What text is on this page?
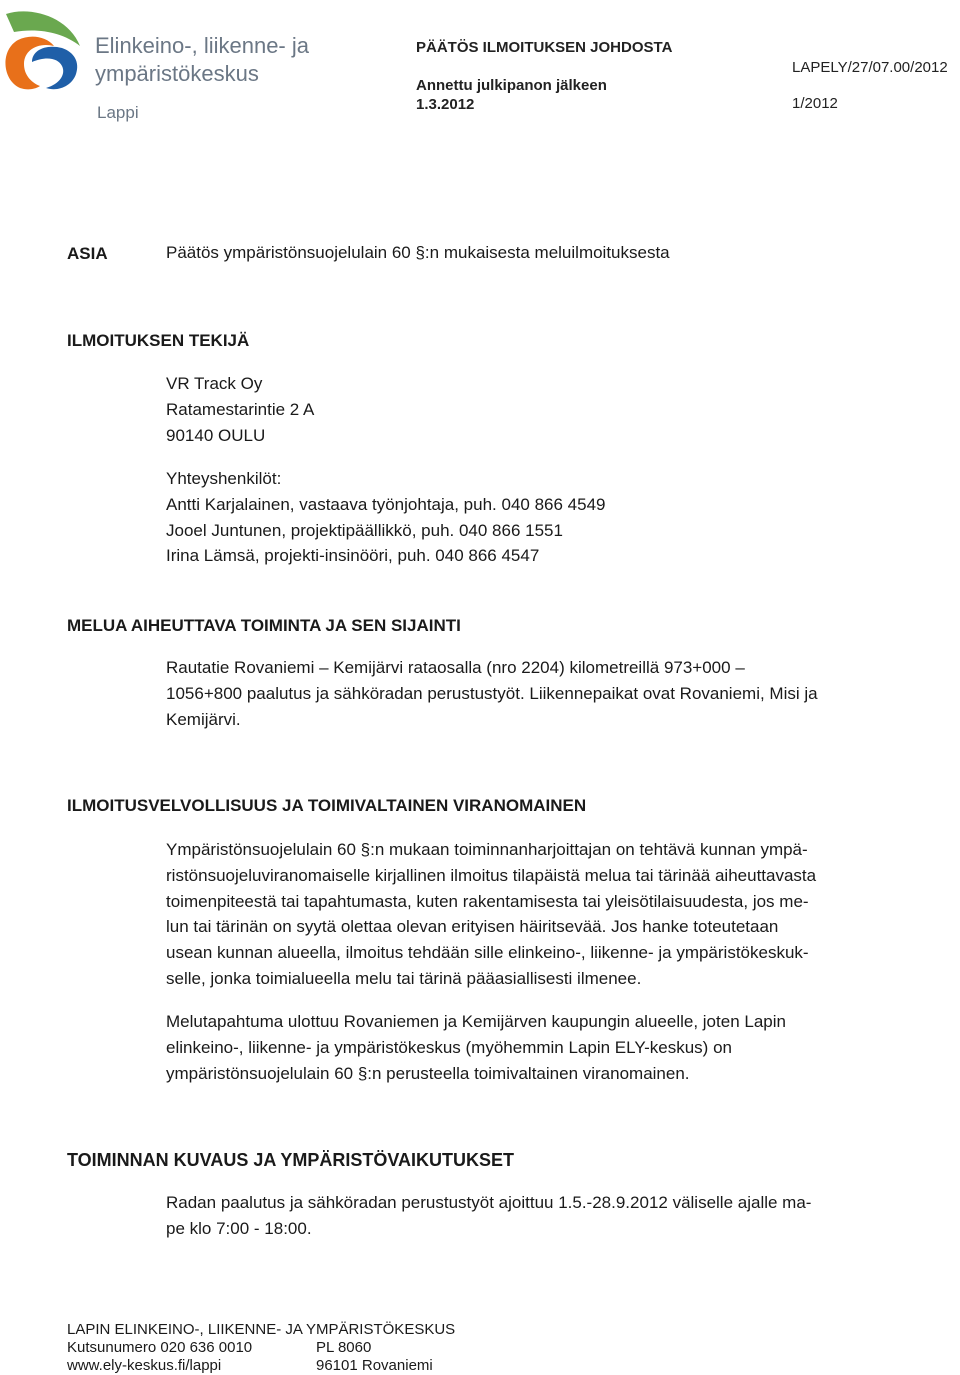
Elinkeino-, liikenne- ja
ympäristökeskus
Lappi
PÄÄTÖS ILMOITUKSEN JOHDOSTA
Annettu julkipanon jälkeen
1.3.2012
LAPELY/27/07.00/2012
1/2012
ASIA	Päätös ympäristönsuojelulain 60 §:n mukaisesta meluilmoituksesta
ILMOITUKSEN TEKIJÄ
VR Track Oy
Ratamestarintie 2 A
90140 OULU
Yhteyshenkilöt:
Antti Karjalainen, vastaava työnjohtaja, puh. 040 866 4549
Jooel Juntunen, projektipäällikkö, puh. 040 866 1551
Irina Lämsä, projekti-insinööri, puh. 040 866 4547
MELUA AIHEUTTAVA TOIMINTA JA SEN SIJAINTI
Rautatie Rovaniemi – Kemijärvi rataosalla (nro 2204) kilometreillä 973+000 –
1056+800 paalutus ja sähköradan perustustyöt. Liikennepaikat ovat Rovaniemi, Misi ja
Kemijärvi.
ILMOITUSVELVOLLISUUS JA TOIMIVALTAINEN VIRANOMAINEN
Ympäristönsuojelulain 60 §:n mukaan toiminnanharjoittajan on tehtävä kunnan ympä-
ristönsuojeluviranomaiselle kirjallinen ilmoitus tilapäistä melua tai tärinää aiheuttavasta
toimenpiteestä tai tapahtumasta, kuten rakentamisesta tai yleisötilaisuudesta, jos me-
lun tai tärinän on syytä olettaa olevan erityisen häiritsevää. Jos hanke toteutetaan
usean kunnan alueella, ilmoitus tehdään sille elinkeino-, liikenne- ja ympäristökeskuk-
selle, jonka toimialueella melu tai tärinä pääasiallisesti ilmenee.
Melutapahtuma ulottuu Rovaniemen ja Kemijärven kaupungin alueelle, joten Lapin
elinkeino-, liikenne- ja ympäristökeskus (myöhemmin Lapin ELY-keskus) on
ympäristönsuojelulain 60 §:n perusteella toimivaltainen viranomainen.
TOIMINNAN KUVAUS JA YMPÄRISTÖVAIKUTUKSET
Radan paalutus ja sähköradan perustustyöt ajoittuu 1.5.-28.9.2012 väliselle ajalle ma-
pe klo 7:00 - 18:00.
LAPIN ELINKEINO-, LIIKENNE- JA YMPÄRISTÖKESKUS
Kutsunumero 020 636 0010
www.ely-keskus.fi/lappi
PL 8060
96101 Rovaniemi
